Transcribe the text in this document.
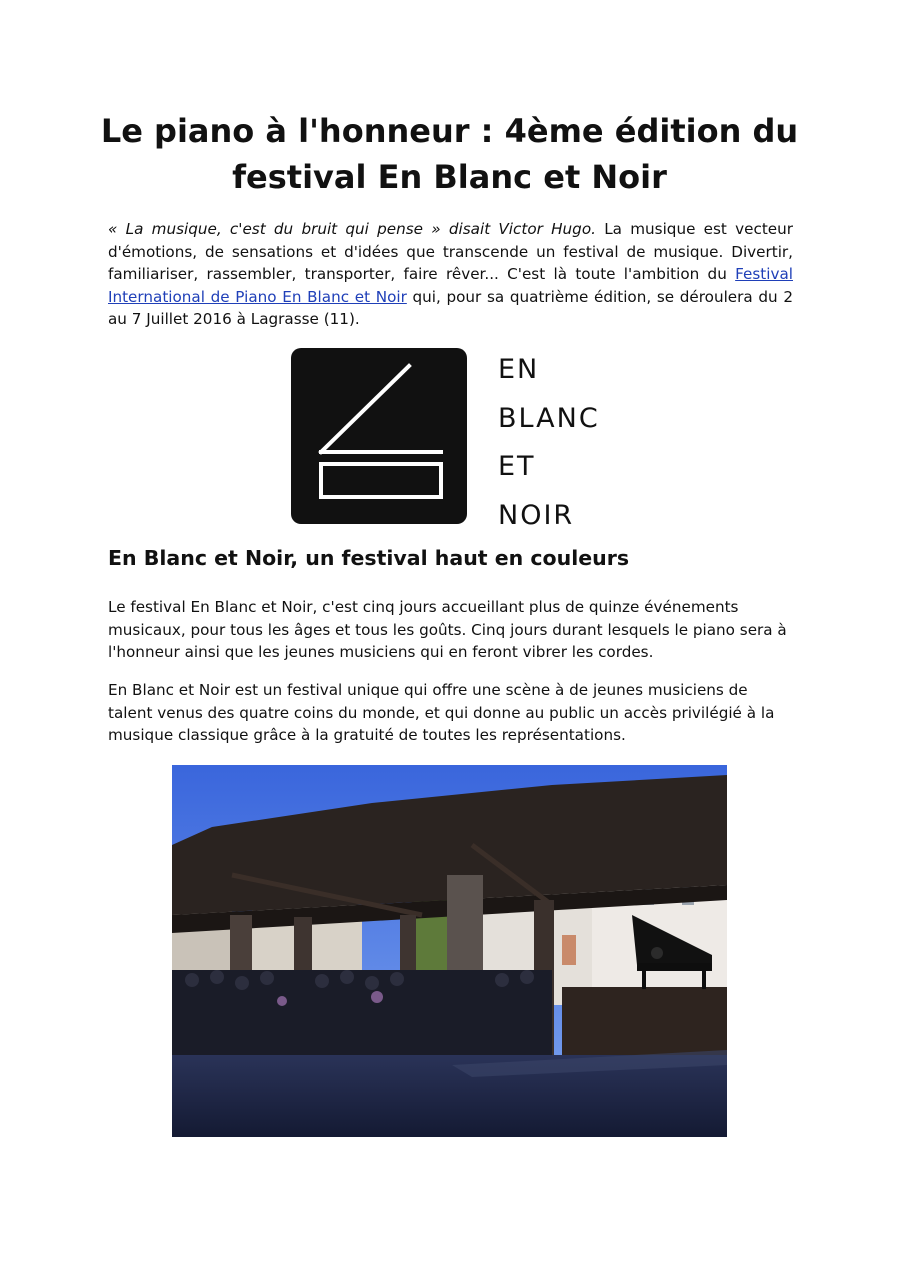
Le piano à l'honneur : 4ème édition du festival En Blanc et Noir

« La musique, c'est du bruit qui pense » disait Victor Hugo. La musique est vecteur d'émotions, de sensations et d'idées que transcende un festival de musique. Divertir, familiariser, rassembler, transporter, faire rêver... C'est là toute l'ambition du Festival International de Piano En Blanc et Noir qui, pour sa quatrième édition, se déroulera du 2 au 7 Juillet 2016 à Lagrasse (11).

EN
BLANC
ET
NOIR
En Blanc et Noir, un festival haut en couleurs

Le festival En Blanc et Noir, c'est cinq jours accueillant plus de quinze événements musicaux, pour tous les âges et tous les goûts. Cinq jours durant lesquels le piano sera à l'honneur ainsi que les jeunes musiciens qui en feront vibrer les cordes.

En Blanc et Noir est un festival unique qui offre une scène à de jeunes musiciens de talent venus des quatre coins du monde, et qui donne au public un accès privilégié à la musique classique grâce à la gratuité de toutes les représentations.
